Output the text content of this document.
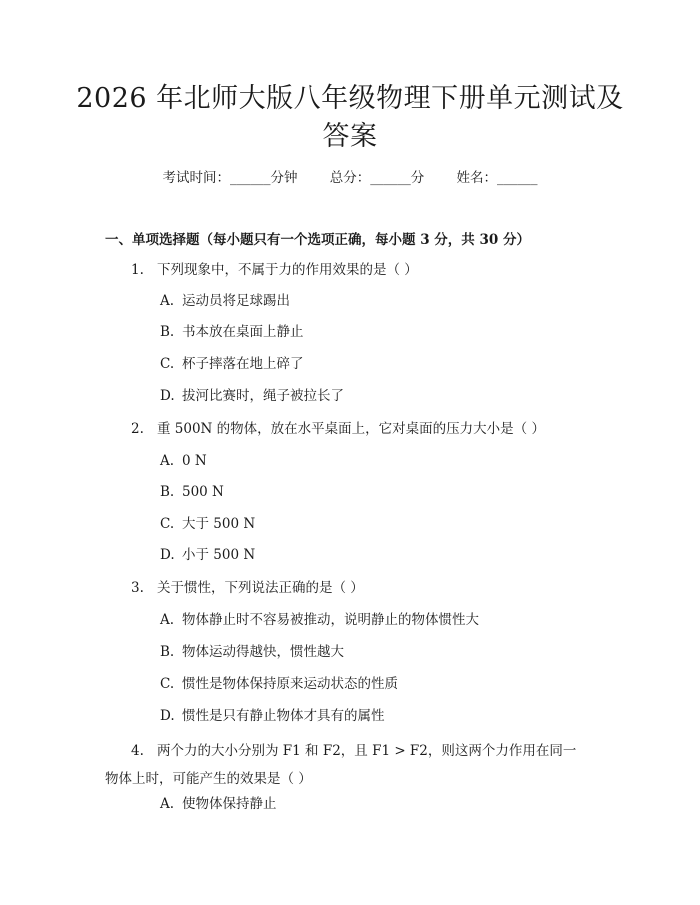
2026 年北师大版八年级物理下册单元测试及答案
考试时间：______分钟 总分：______分 姓名：______
一、单项选择题（每小题只有一个选项正确，每小题 3 分，共 30 分）
1. 下列现象中，不属于力的作用效果的是（ ）
A. 运动员将足球踢出
B. 书本放在桌面上静止
C. 杯子摔落在地上碎了
D. 拔河比赛时，绳子被拉长了
2. 重 500N 的物体，放在水平桌面上，它对桌面的压力大小是（ ）
A. 0 N
B. 500 N
C. 大于 500 N
D. 小于 500 N
3. 关于惯性，下列说法正确的是（ ）
A. 物体静止时不容易被推动，说明静止的物体惯性大
B. 物体运动得越快，惯性越大
C. 惯性是物体保持原来运动状态的性质
D. 惯性是只有静止物体才具有的属性
4. 两个力的大小分别为 F1 和 F2，且 F1 > F2，则这两个力作用在同一物体上时，可能产生的效果是（ ）
A. 使物体保持静止
